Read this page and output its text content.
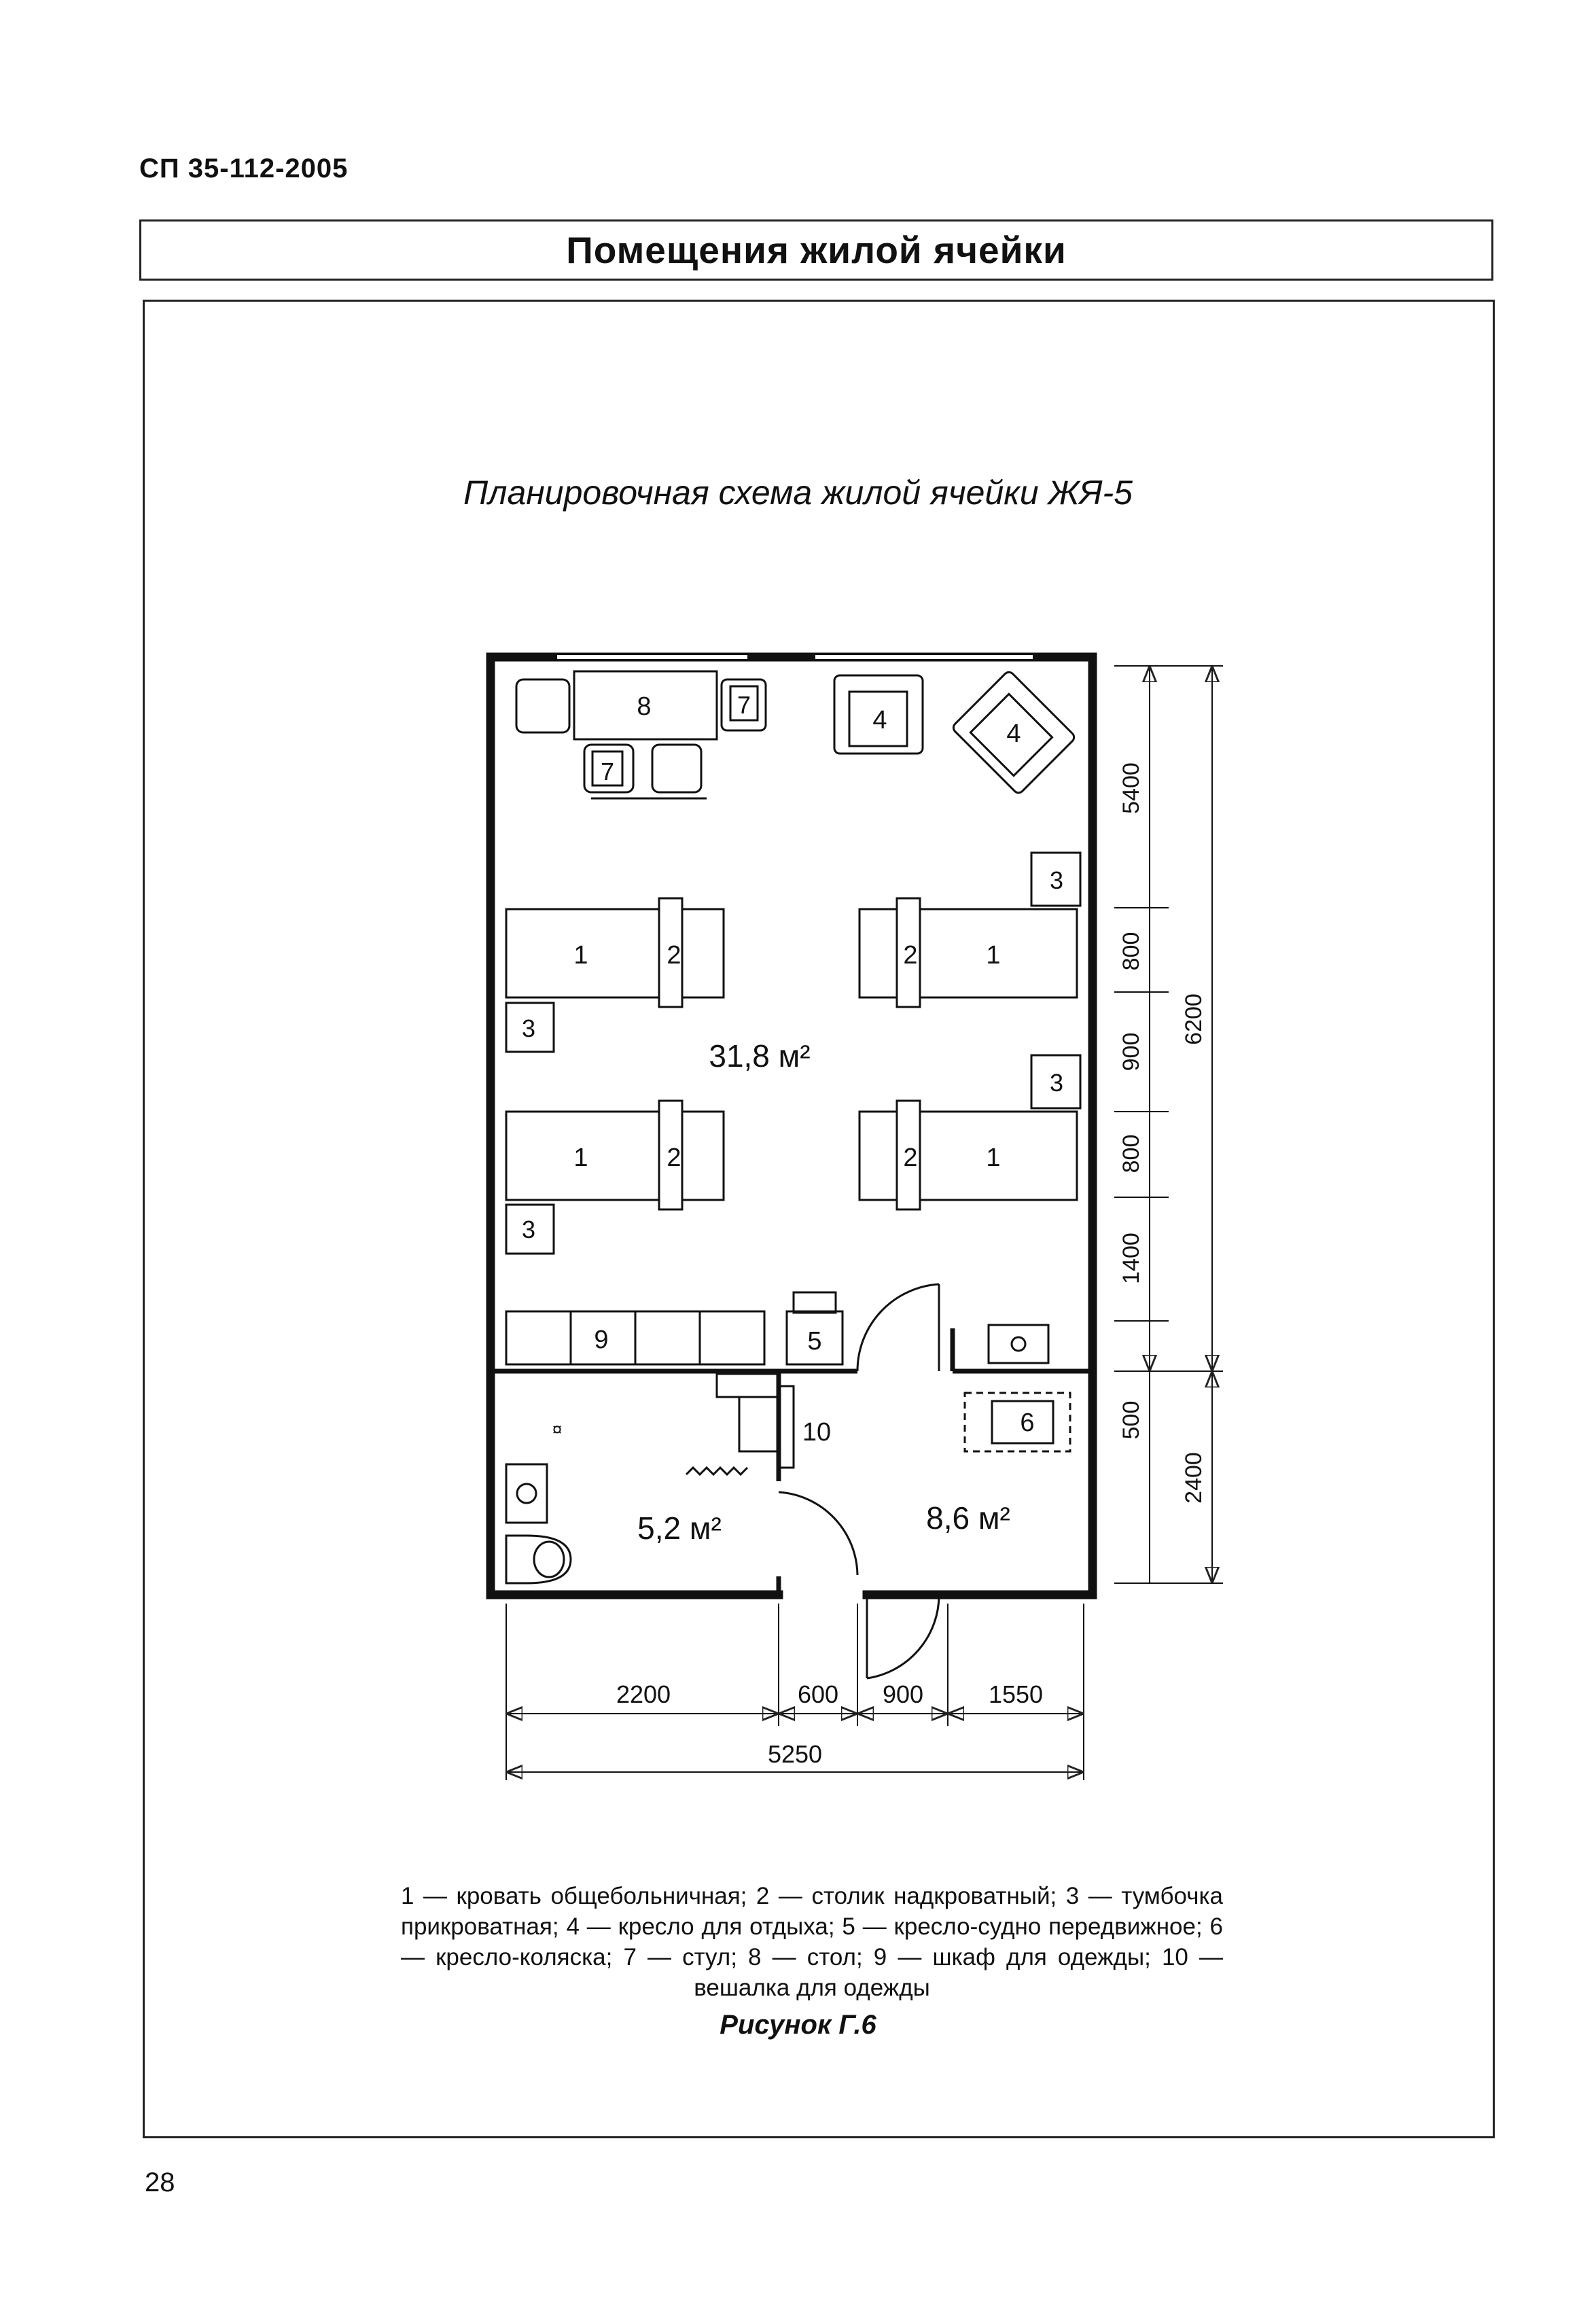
СП 35-112-2005
Помещения жилой ячейки
Планировочная схема жилой ячейки ЖЯ-5
8	7
7
4	4
1	2
1	2
2	1
2	1
3
3
3
3
31,8 м²
9	5
6
¤	10
5,2 м²	8,6 м²
5400
800
900
800
1400
500
6200
2400
2200	600 900	1550
5250
1 — кровать общебольничная; 2 — столик надкроватный; 3 — тумбочка прикроватная; 4 — кресло для отдыха; 5 — кресло-судно передвижное; 6 — кресло-коляска; 7 — стул; 8 — стол; 9 — шкаф для одежды; 10 — вешалка для одежды
Рисунок Г.6
28
